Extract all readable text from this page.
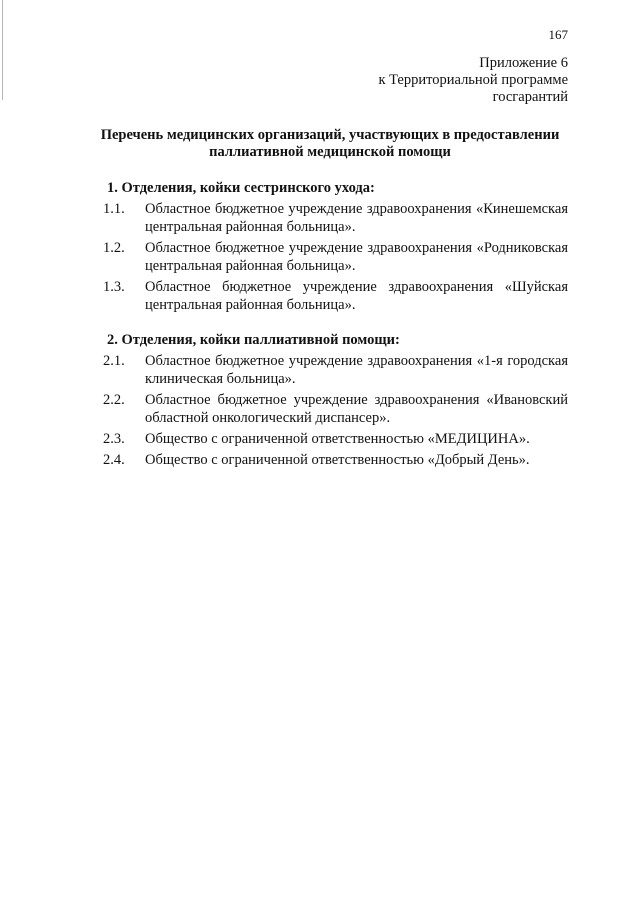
167
Приложение 6
к Территориальной программе
госгарантий
Перечень медицинских организаций, участвующих в предоставлении
паллиативной медицинской помощи
1. Отделения, койки сестринского ухода:
1.1.	Областное бюджетное учреждение здравоохранения «Кинешемская центральная районная больница».
1.2.	Областное бюджетное учреждение здравоохранения «Родниковская центральная районная больница».
1.3.	Областное бюджетное учреждение здравоохранения «Шуйская центральная районная больница».
2. Отделения, койки паллиативной помощи:
2.1.	Областное бюджетное учреждение здравоохранения «1-я городская клиническая больница».
2.2.	Областное бюджетное учреждение здравоохранения «Ивановский областной онкологический диспансер».
2.3.	Общество с ограниченной ответственностью «МЕДИЦИНА».
2.4.	Общество с ограниченной ответственностью «Добрый День».
